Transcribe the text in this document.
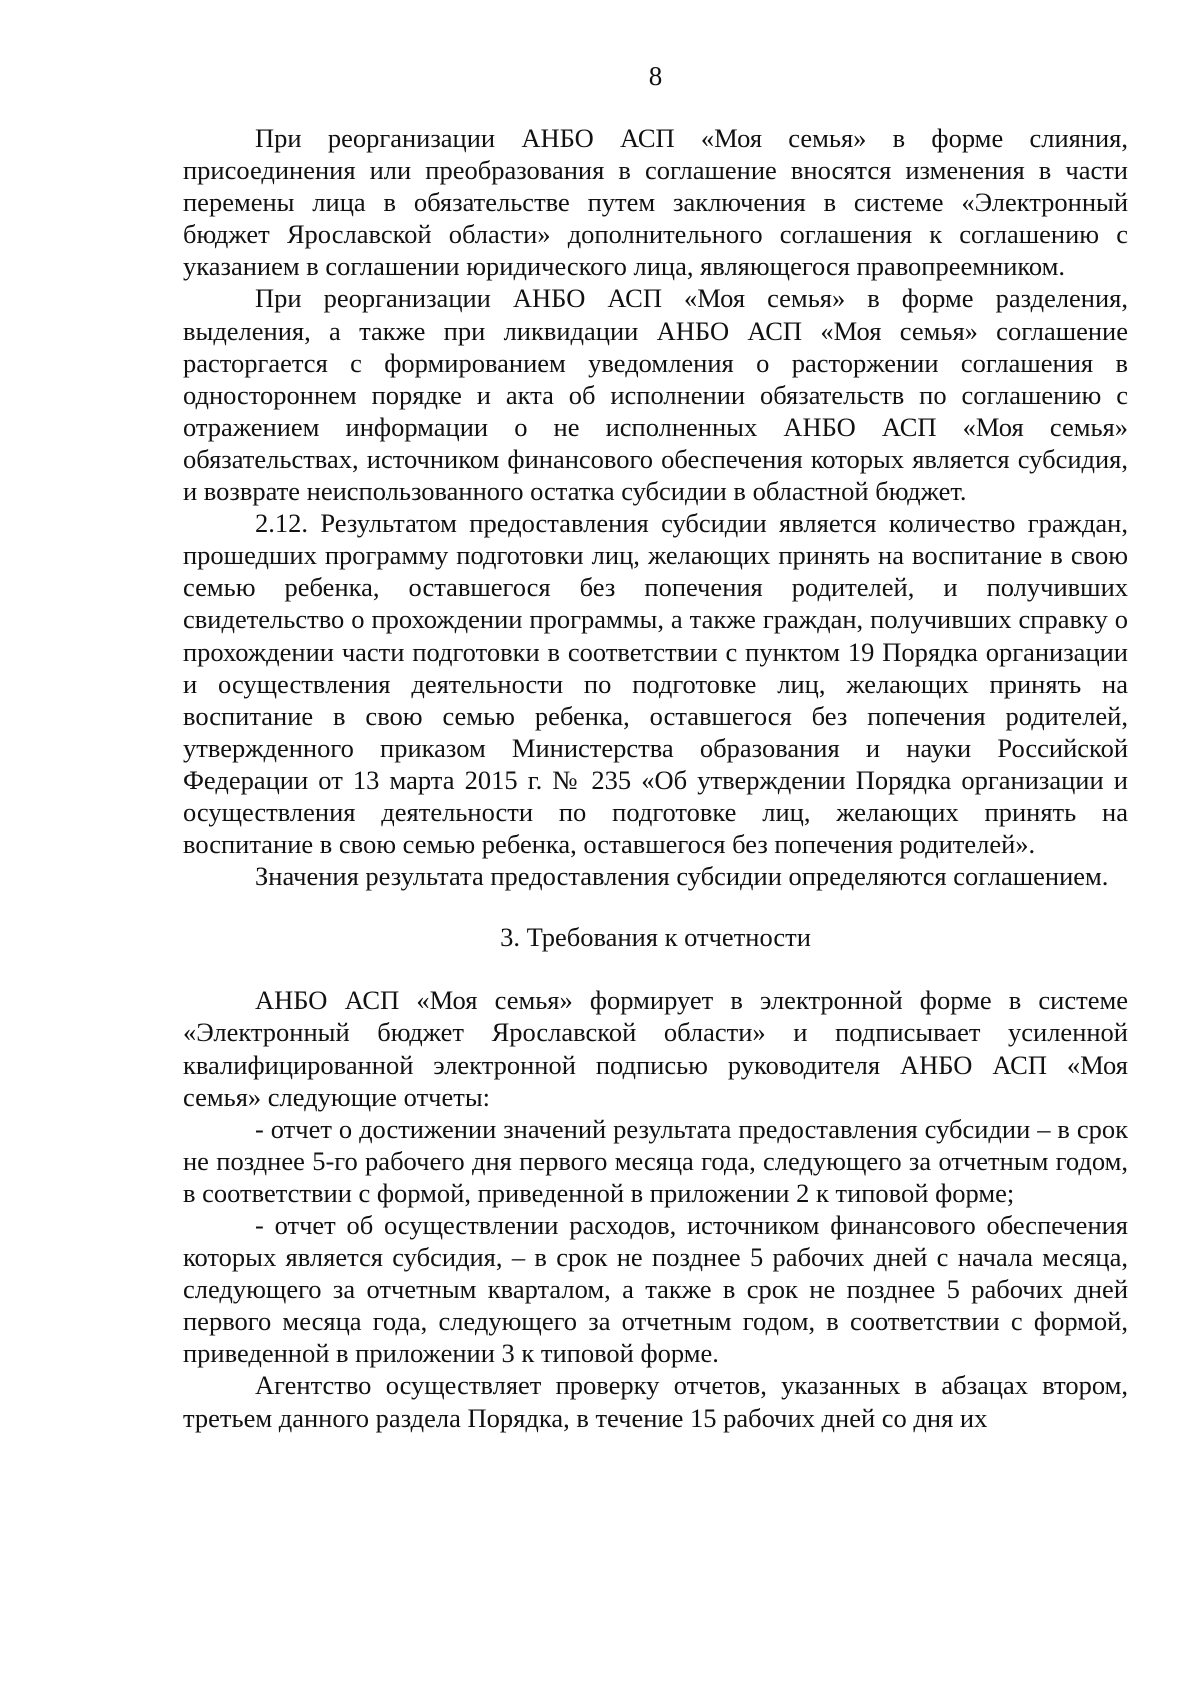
8

При реорганизации АНБО АСП «Моя семья» в форме слияния, присоединения или преобразования в соглашение вносятся изменения в части перемены лица в обязательстве путем заключения в системе «Электронный бюджет Ярославской области» дополнительного соглашения к соглашению с указанием в соглашении юридического лица, являющегося правопреемником.

При реорганизации АНБО АСП «Моя семья» в форме разделения, выделения, а также при ликвидации АНБО АСП «Моя семья» соглашение расторгается с формированием уведомления о расторжении соглашения в одностороннем порядке и акта об исполнении обязательств по соглашению с отражением информации о не исполненных АНБО АСП «Моя семья» обязательствах, источником финансового обеспечения которых является субсидия, и возврате неиспользованного остатка субсидии в областной бюджет.

2.12. Результатом предоставления субсидии является количество граждан, прошедших программу подготовки лиц, желающих принять на воспитание в свою семью ребенка, оставшегося без попечения родителей, и получивших свидетельство о прохождении программы, а также граждан, получивших справку о прохождении части подготовки в соответствии с пунктом 19 Порядка организации и осуществления деятельности по подготовке лиц, желающих принять на воспитание в свою семью ребенка, оставшегося без попечения родителей, утвержденного приказом Министерства образования и науки Российской Федерации от 13 марта 2015 г. № 235 «Об утверждении Порядка организации и осуществления деятельности по подготовке лиц, желающих принять на воспитание в свою семью ребенка, оставшегося без попечения родителей».

Значения результата предоставления субсидии определяются соглашением.

3. Требования к отчетности

АНБО АСП «Моя семья» формирует в электронной форме в системе «Электронный бюджет Ярославской области» и подписывает усиленной квалифицированной электронной подписью руководителя АНБО АСП «Моя семья» следующие отчеты:

- отчет о достижении значений результата предоставления субсидии – в срок не позднее 5-го рабочего дня первого месяца года, следующего за отчетным годом, в соответствии с формой, приведенной в приложении 2 к типовой форме;

- отчет об осуществлении расходов, источником финансового обеспечения которых является субсидия, – в срок не позднее 5 рабочих дней с начала месяца, следующего за отчетным кварталом, а также в срок не позднее 5 рабочих дней первого месяца года, следующего за отчетным годом, в соответствии с формой, приведенной в приложении 3 к типовой форме.

Агентство осуществляет проверку отчетов, указанных в абзацах втором, третьем данного раздела Порядка, в течение 15 рабочих дней со дня их
